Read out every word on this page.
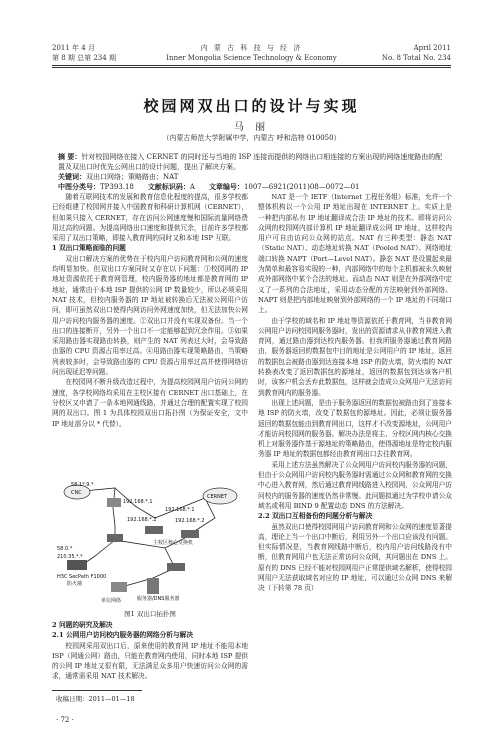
2011 年 4 月
第 8 期 总第 234 期
内 蒙 古 科 技 与 经 济
Inner Mongolia Science Technology & Economy
April 2011
No. 8 Total No. 234
校园网双出口的设计与实现
马 丽
（内蒙古师范大学附属中学，内蒙古 呼和浩特 010050）
摘 要：针对校园网络在接入 CERNET 的同时还与当地的 ISP 连接而提供的网络出口相连接的方案出现的网络速度路由的配置及双出口时优先公网出口的设计问题，提出了解决方案。
关键词：双出口网络；策略路由；NAT
中图分类号：TP393.18 文献标识码：A 文章编号：1007—6921(2011)08—0072—01

随着互联网技术的发展和教育信息化程度的提高，很多学校都已经组建了校园网并接入中国教育和科研计算机网（CERNET），但如果只接入 CERNET，存在访问公网速度慢和国际流量网络费用过高的问题。为提高网络出口速度和提供冗余，目前许多学校都采用了双出口策略，即接入教育网的同时又和本地 ISP 互联。

1 双出口策略面临的问题

双出口解决方案的优势在于校内用户访问教育网和公网的速度均明显加快。但双出口方案同时又存在以下问题：①校园网的 IP 地址资源依托于教育网管理，校内服务器的地址都是教育网的 IP 地址，通常由于本地 ISP 提供的公网 IP 数量较少，所以必须采用 NAT 技术，但校内服务器的 IP 地址被转换后无法被公网用户访问，即可虽然双出口使得内网访问外网速度加快，但无法加快公网用户访问校内服务器的速度。②双出口并没有实现双备份。当一个出口的连接断开，另外一个出口不一定能够起到冗余作用。③如果采用路由器实现路由转换，则产生的 NAT 列表过大时，会导致路由器的 CPU 资源占用率过高。④用路由器实现策略路由，当策略列表较多时，会导致路由器的 CPU 资源占用率过高并使得网络访问出现延迟等问题。

在校园网不断升级改造过程中，为提高校园网用户访问公网的速度，各学校网络均采用在主校区接有 CERNET 出口基础上，在分校区又申请了一条本地网通线路，并通过合理的配置实现了校园网的双出口。图 1 为具体校园双出口拓扑图（为保证安全，文中 IP 地址部分以 * 代替）。

58.1*.9.*
CNC
CERNET
192.168.*.1
192.168.*.2
192.168.*.1
192.168.*.2
58.0.*
210.35.*.*
H3C SecPath F1000
防火墙
服务器/DNS服务器
主校区核心交换机
单位网络
图1 双出口拓扑图

2 问题的研究及解决

2.1 公网用户访问校内服务器的网络分析与解决

校园网采用双出口后，原来使用的教育网 IP 地址不能用本地 ISP（网通公网）路由，只能在教育网内使用，同时本地 ISP 提供的公网 IP 地址又很有限，无法满足众多用户快速访问公众网的需求，通常需采用 NAT 技术解决。

NAT 是一个 IETF（Internet 工程任务组）标准，允许一个整体机构以一个公用 IP 地址出现在 INTERNET 上。实质上是一种把内部私有 IP 地址翻译成合法 IP 地址的技术。即将访问公众网的校园网内部计算机 IP 地址翻译成公网 IP 地址，这样校内用户可自由访问公众网的站点。NAT 有三种类型：静态 NAT（Static NAT）、动态地址转换 NAT（Pooled NAT）、网络地址端口转换 NAPT（Port—Level NAT）。静态 NAT 是设置起来最为简单和最容易实现的一种，内部网络中的每个主机都被永久映射成外部网络中某个合法的地址。而动态 NAT 则是在外部网络中定义了一系列的合法地址，采用动态分配的方法映射到外部网络。NAPT 则是把内部地址映射到外部网络的一个 IP 地址的不同端口上。

由于学校的域名和 IP 地址等资源依托于教育网，当非教育网公网用户访问校园网服务器时，发出的资源请求从非教育网进入教育网，通过路由器到达校内服务器。但我所服务器通过教育网路由，服务器返回的数据包中目的地址是公网用户的 IP 地址，返回的数据包会被路由器到达连接本地 ISP 的防火墙，防火墙的 NAT 转换表改变了返回数据包的源地址，返回的数据包到达该客户机时，该客户机会丢弃此数据包，这样就会造成公众网用户无法访问到教育网内的服务器。

出现上述问题，是由于服务器返回的数据包被路由到了连接本地 ISP 的防火墙，改变了数据包的源地址。因此，必须让服务器返回的数据包能由到教育网出口，这样才不改变源地址，公网用户才能访问校园网的服务器。解决办法是将主、分校区网内核心交换机上对服务器作基于源地址的策略路由，使得源地址是特定校内服务器 IP 地址的数据包都经由教育网出口去往教育网。

采用上述方法虽然解决了公众网用户访问校内服务器的问题，但由于公众网用户访问校内服务器时需通过公众网和教育网的交换中心进入教育网，然后通过教育网线路进入校园网，公众网用户访问校内的服务器的速度仍然非常慢。此问题拟通过为学校申请公众域名或利用 BIND 9 配置动态 DNS 的方法解决。

2.2 双出口互相备份的问题分析与解决

虽然双出口使得校园网用户访问教育网和公众网的速度显著提高，理论上当一个出口中断后，利用另外一个出口应该没有问题。但实际情况是，当教育网线路中断后，校内用户访问线路没有中断，但教育网用户也无法正常访问公众网，其问题出在 DNS 上。原有的 DNS 已经不能对校园网用户正常提供域名解析，使得校园网用户无法获取域名对应的 IP 地址，可以通过公众网 DNS 来解决（下转第 78 页）

收稿日期：2011—01—18
· 72 ·
